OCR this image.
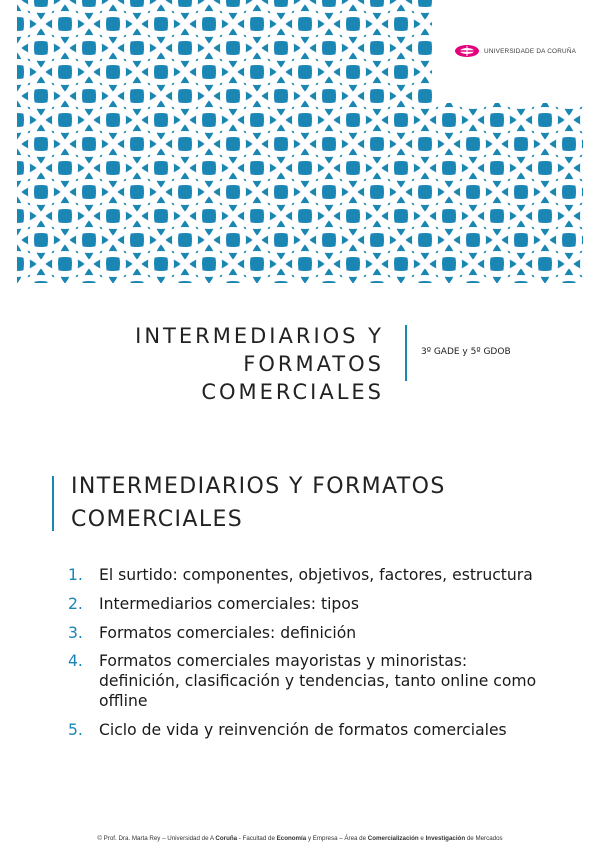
UNIVERSIDADE DA CORUÑA
INTERMEDIARIOS Y FORMATOS
COMERCIALES
3º GADE y 5º GDOB
INTERMEDIARIOS Y FORMATOS
COMERCIALES
1.	El surtido: componentes, objetivos, factores, estructura
2.	Intermediarios comerciales: tipos
3.	Formatos comerciales: definición
4.	Formatos comerciales mayoristas y minoristas: definición, clasificación y tendencias, tanto online como offline
5.	Ciclo de vida y reinvención de formatos comerciales
© Prof. Dra. Marta Rey – Universidad de A Coruña - Facultad de Economía y Empresa – Área de Comercialización e Investigación de Mercados
